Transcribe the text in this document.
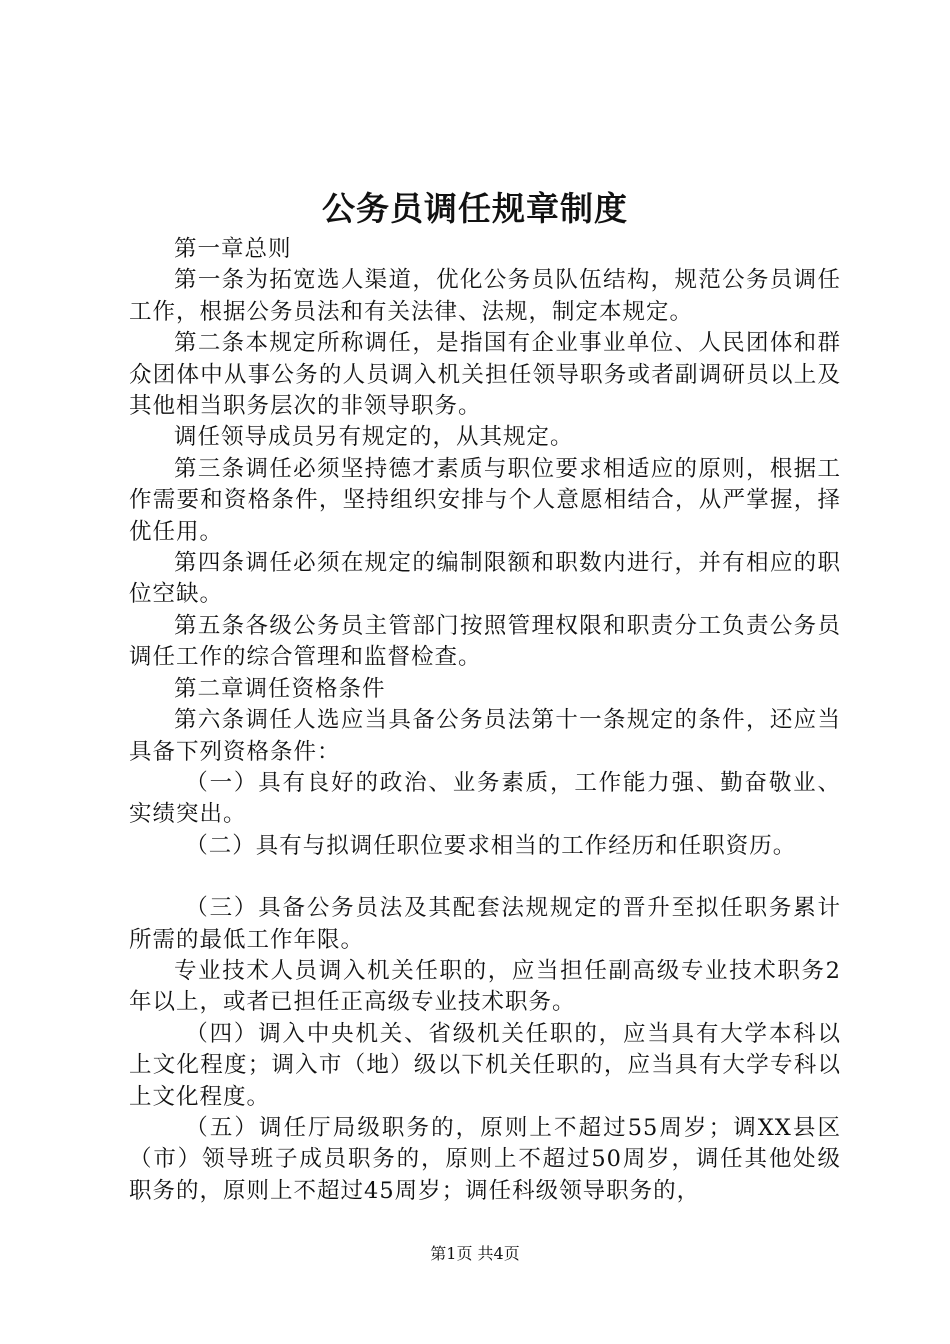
公务员调任规章制度

第一章总则

第一条为拓宽选人渠道，优化公务员队伍结构，规范公务员调任工作，根据公务员法和有关法律、法规，制定本规定。

第二条本规定所称调任，是指国有企业事业单位、人民团体和群众团体中从事公务的人员调入机关担任领导职务或者副调研员以上及其他相当职务层次的非领导职务。

调任领导成员另有规定的，从其规定。

第三条调任必须坚持德才素质与职位要求相适应的原则，根据工作需要和资格条件，坚持组织安排与个人意愿相结合，从严掌握，择优任用。

第四条调任必须在规定的编制限额和职数内进行，并有相应的职位空缺。

第五条各级公务员主管部门按照管理权限和职责分工负责公务员调任工作的综合管理和监督检查。

第二章调任资格条件

第六条调任人选应当具备公务员法第十一条规定的条件，还应当具备下列资格条件：

（一）具有良好的政治、业务素质，工作能力强、勤奋敬业、实绩突出。

（二）具有与拟调任职位要求相当的工作经历和任职资历。

（三）具备公务员法及其配套法规规定的晋升至拟任职务累计所需的最低工作年限。

专业技术人员调入机关任职的，应当担任副高级专业技术职务2年以上，或者已担任正高级专业技术职务。

（四）调入中央机关、省级机关任职的，应当具有大学本科以上文化程度；调入市（地）级以下机关任职的，应当具有大学专科以上文化程度。

（五）调任厅局级职务的，原则上不超过55周岁；调XX县区（市）领导班子成员职务的，原则上不超过50周岁，调任其他处级职务的，原则上不超过45周岁；调任科级领导职务的，

第1页 共4页
